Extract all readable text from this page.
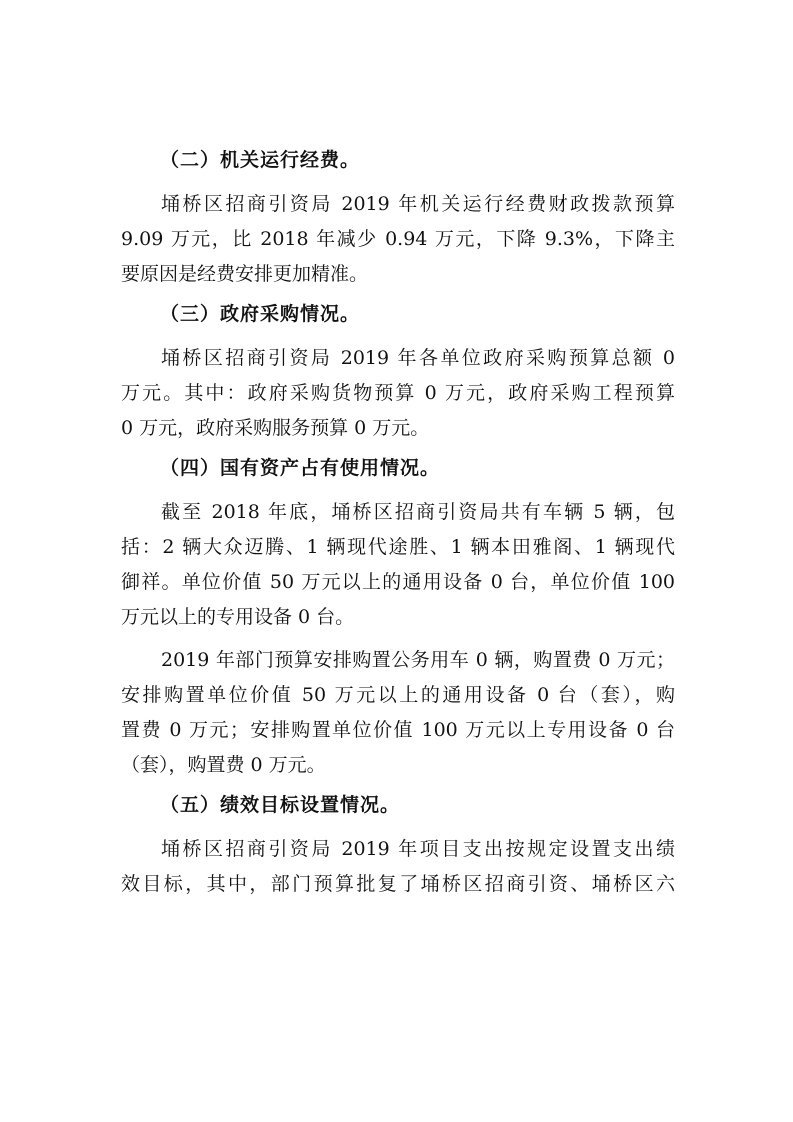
（二）机关运行经费。
埇桥区招商引资局 2019 年机关运行经费财政拨款预算
9.09 万元，比 2018 年减少 0.94 万元，下降 9.3%，下降主
要原因是经费安排更加精准。
（三）政府采购情况。
埇桥区招商引资局 2019 年各单位政府采购预算总额 0
万元。其中：政府采购货物预算 0 万元，政府采购工程预算
0 万元，政府采购服务预算 0 万元。
（四）国有资产占有使用情况。
截至 2018 年底，埇桥区招商引资局共有车辆 5 辆，包
括：2 辆大众迈腾、1 辆现代途胜、1 辆本田雅阁、1 辆现代
御祥。单位价值 50 万元以上的通用设备 0 台，单位价值 100
万元以上的专用设备 0 台。
2019 年部门预算安排购置公务用车 0 辆，购置费 0 万元；
安排购置单位价值 50 万元以上的通用设备 0 台（套），购
置费 0 万元；安排购置单位价值 100 万元以上专用设备 0 台
（套），购置费 0 万元。
（五）绩效目标设置情况。
埇桥区招商引资局 2019 年项目支出按规定设置支出绩
效目标，其中，部门预算批复了埇桥区招商引资、埇桥区六
